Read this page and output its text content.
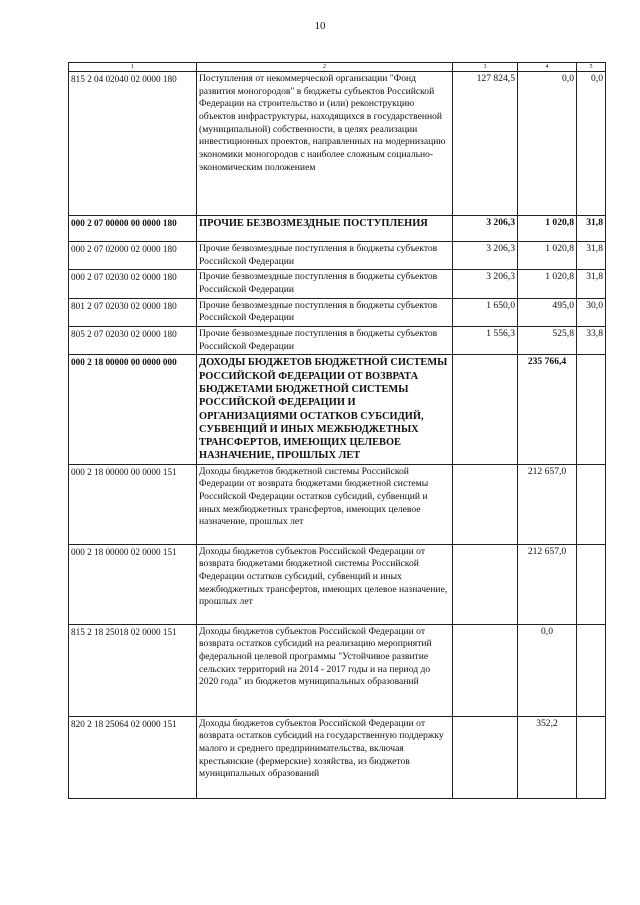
10
1	2	3	4	5
815 2 04 02040 02 0000 180	Поступления от некоммерческой организации "Фонд развития моногородов" в бюджеты субъектов Российской Федерации на строительство и (или) реконструкцию объектов инфраструктуры, находящихся в государственной (муниципальной) собственности, в целях реализации инвестиционных проектов, направленных на модернизацию экономики моногородов с наиболее сложным социально-экономическим положением	127 824,5	0,0	0,0
000 2 07 00000 00 0000 180	ПРОЧИЕ БЕЗВОЗМЕЗДНЫЕ ПОСТУПЛЕНИЯ	3 206,3	1 020,8	31,8
000 2 07 02000 02 0000 180	Прочие безвозмездные поступления в бюджеты субъектов Российской Федерации	3 206,3	1 020,8	31,8
000 2 07 02030 02 0000 180	Прочие безвозмездные поступления в бюджеты субъектов Российской Федерации	3 206,3	1 020,8	31,8
801 2 07 02030 02 0000 180	Прочие безвозмездные поступления в бюджеты субъектов Российской Федерации	1 650,0	495,0	30,0
805 2 07 02030 02 0000 180	Прочие безвозмездные поступления в бюджеты субъектов Российской Федерации	1 556,3	525,8	33,8
000 2 18 00000 00 0000 000	ДОХОДЫ БЮДЖЕТОВ БЮДЖЕТНОЙ СИСТЕМЫ РОССИЙСКОЙ ФЕДЕРАЦИИ ОТ ВОЗВРАТА БЮДЖЕТАМИ БЮДЖЕТНОЙ СИСТЕМЫ РОССИЙСКОЙ ФЕДЕРАЦИИ И ОРГАНИЗАЦИЯМИ ОСТАТКОВ СУБСИДИЙ, СУБВЕНЦИЙ И ИНЫХ МЕЖБЮДЖЕТНЫХ ТРАНСФЕРТОВ, ИМЕЮЩИХ ЦЕЛЕВОЕ НАЗНАЧЕНИЕ, ПРОШЛЫХ ЛЕТ		235 766,4	
000 2 18 00000 00 0000 151	Доходы бюджетов бюджетной системы Российской Федерации от возврата бюджетами бюджетной системы Российской Федерации остатков субсидий, субвенций и иных межбюджетных трансфертов, имеющих целевое назначение, прошлых лет		212 657,0	
000 2 18 00000 02 0000 151	Доходы бюджетов субъектов Российской Федерации от возврата бюджетами бюджетной системы Российской Федерации остатков субсидий, субвенций и иных межбюджетных трансфертов, имеющих целевое назначение, прошлых лет		212 657,0	
815 2 18 25018 02 0000 151	Доходы бюджетов субъектов Российской Федерации от возврата остатков субсидий на реализацию мероприятий федеральной целевой программы "Устойчивое развитие сельских территорий на 2014 - 2017 годы и на период до 2020 года" из бюджетов муниципальных образований		0,0	
820 2 18 25064 02 0000 151	Доходы бюджетов субъектов Российской Федерации от возврата остатков субсидий на государственную поддержку малого и среднего предпринимательства, включая крестьянские (фермерские) хозяйства, из бюджетов муниципальных образований		352,2	
